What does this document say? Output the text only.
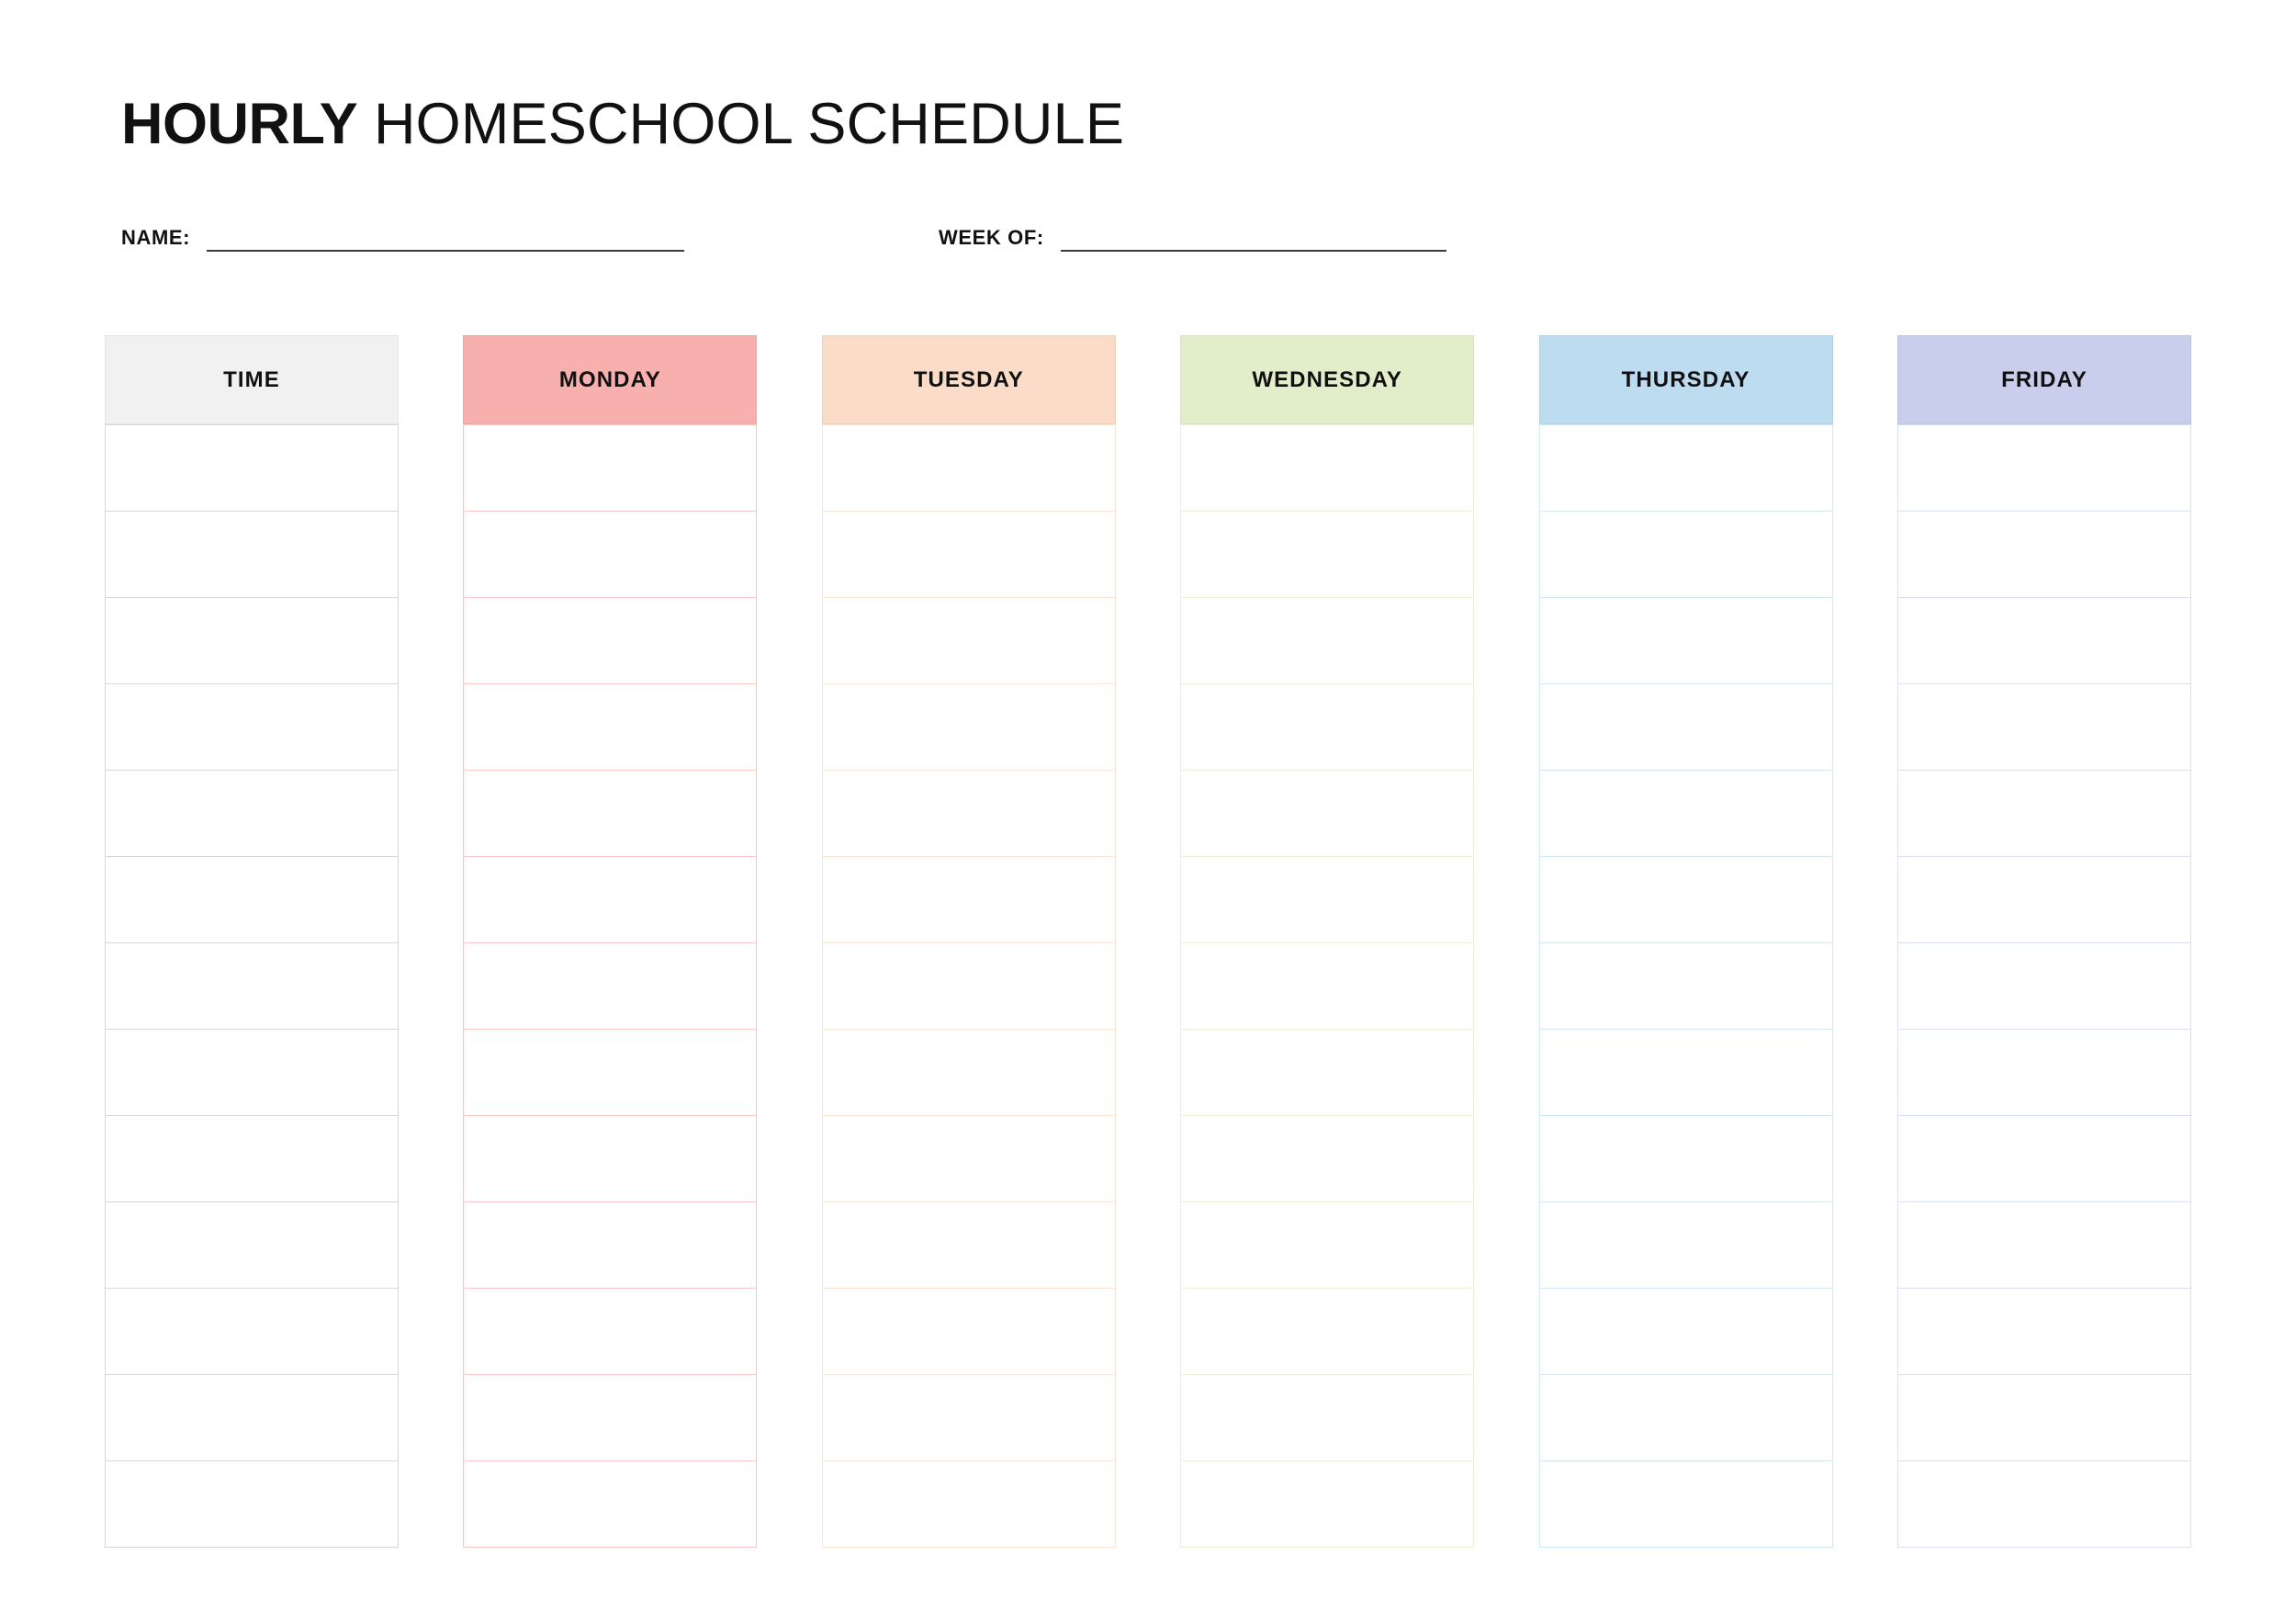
HOURLY HOMESCHOOL SCHEDULE
NAME:	WEEK OF:
TIME	MONDAY	TUESDAY	WEDNESDAY	THURSDAY	FRIDAY
